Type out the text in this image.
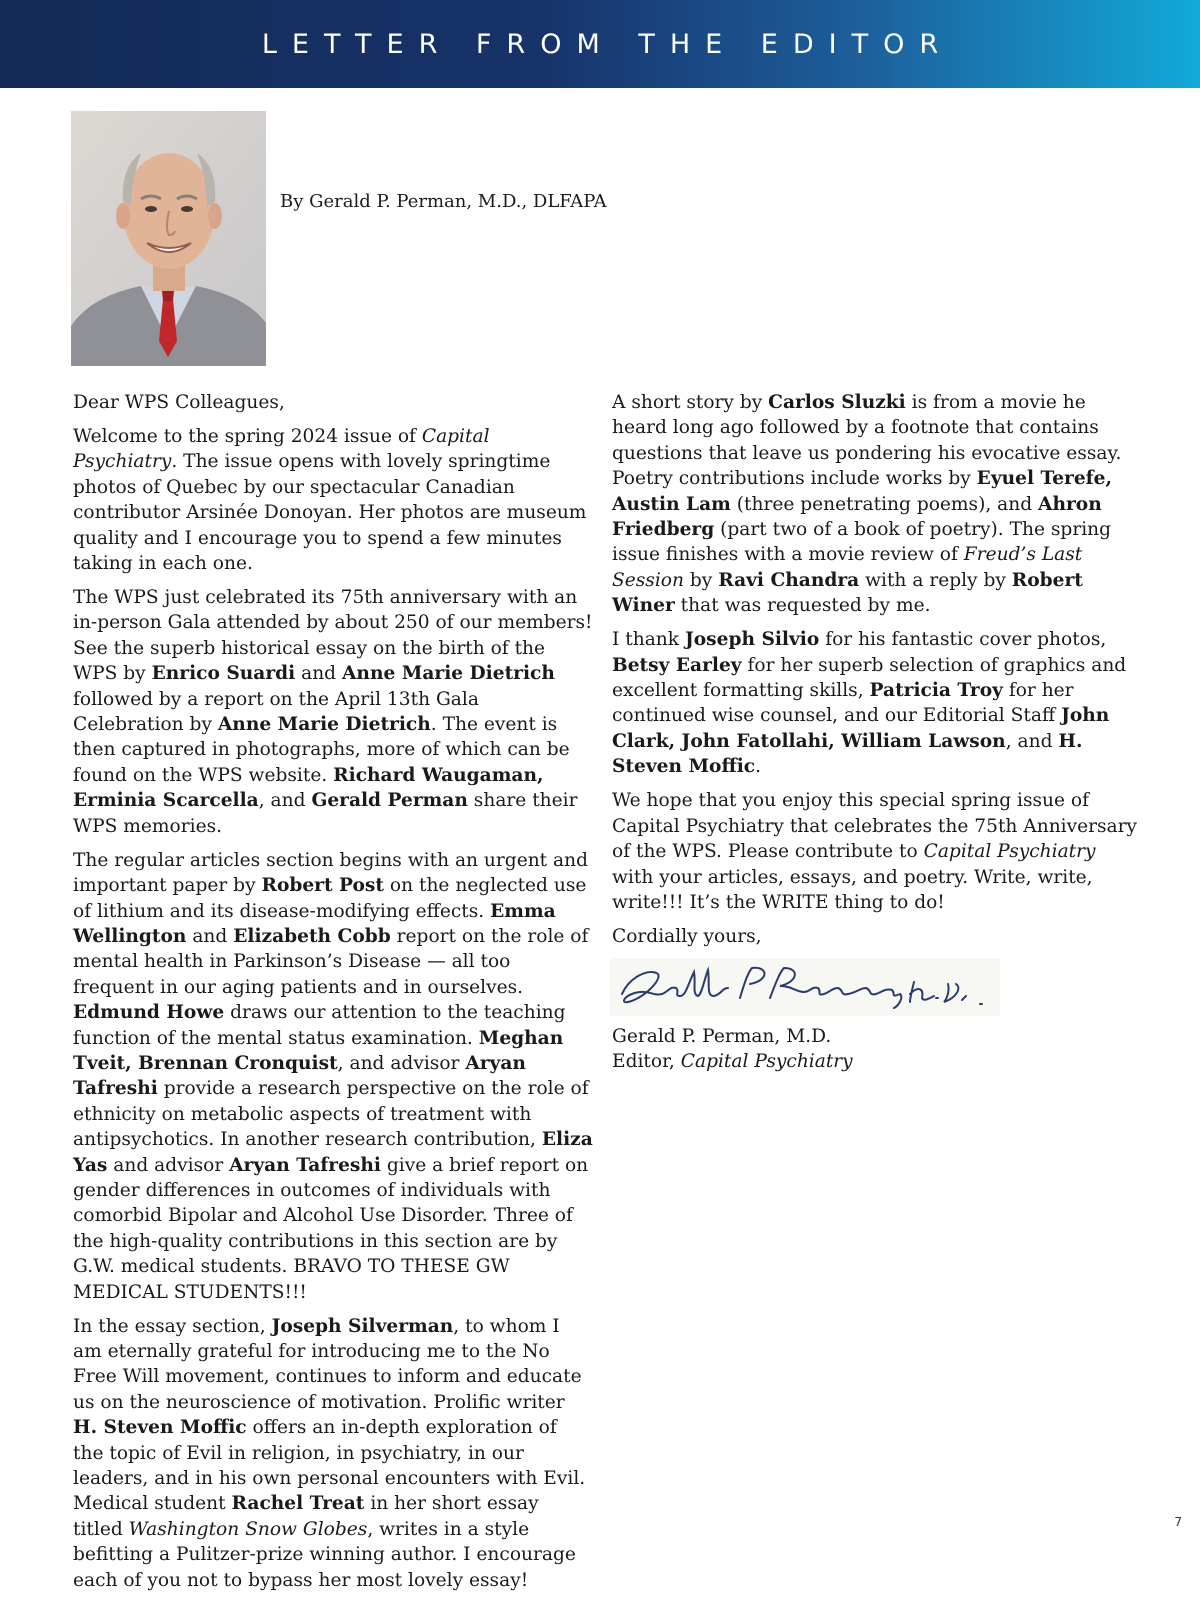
LETTER FROM THE EDITOR
By Gerald P. Perman, M.D., DLFAPA

Dear WPS Colleagues,

Welcome to the spring 2024 issue of Capital Psychiatry. The issue opens with lovely springtime photos of Quebec by our spectacular Canadian contributor Arsinée Donoyan. Her photos are museum quality and I encourage you to spend a few minutes taking in each one.

The WPS just celebrated its 75th anniversary with an in-person Gala attended by about 250 of our members! See the superb historical essay on the birth of the WPS by Enrico Suardi and Anne Marie Dietrich followed by a report on the April 13th Gala Celebration by Anne Marie Dietrich. The event is then captured in photographs, more of which can be found on the WPS website. Richard Waugaman, Erminia Scarcella, and Gerald Perman share their WPS memories.

The regular articles section begins with an urgent and important paper by Robert Post on the neglected use of lithium and its disease-modifying effects. Emma Wellington and Elizabeth Cobb report on the role of mental health in Parkinson’s Disease — all too frequent in our aging patients and in ourselves. Edmund Howe draws our attention to the teaching function of the mental status examination. Meghan Tveit, Brennan Cronquist, and advisor Aryan Tafreshi provide a research perspective on the role of ethnicity on metabolic aspects of treatment with antipsychotics. In another research contribution, Eliza Yas and advisor Aryan Tafreshi give a brief report on gender differences in outcomes of individuals with comorbid Bipolar and Alcohol Use Disorder. Three of the high-quality contributions in this section are by G.W. medical students. BRAVO TO THESE GW MEDICAL STUDENTS!!!

In the essay section, Joseph Silverman, to whom I am eternally grateful for introducing me to the No Free Will movement, continues to inform and educate us on the neuroscience of motivation. Prolific writer H. Steven Moffic offers an in-depth exploration of the topic of Evil in religion, in psychiatry, in our leaders, and in his own personal encounters with Evil. Medical student Rachel Treat in her short essay titled Washington Snow Globes, writes in a style befitting a Pulitzer-prize winning author. I encourage each of you not to bypass her most lovely essay!

A short story by Carlos Sluzki is from a movie he heard long ago followed by a footnote that contains questions that leave us pondering his evocative essay. Poetry contributions include works by Eyuel Terefe, Austin Lam (three penetrating poems), and Ahron Friedberg (part two of a book of poetry). The spring issue finishes with a movie review of Freud’s Last Session by Ravi Chandra with a reply by Robert Winer that was requested by me.

I thank Joseph Silvio for his fantastic cover photos, Betsy Earley for her superb selection of graphics and excellent formatting skills, Patricia Troy for her continued wise counsel, and our Editorial Staff John Clark, John Fatollahi, William Lawson, and H. Steven Moffic.

We hope that you enjoy this special spring issue of Capital Psychiatry that celebrates the 75th Anniversary of the WPS. Please contribute to Capital Psychiatry with your articles, essays, and poetry. Write, write, write!!! It’s the WRITE thing to do!

Cordially yours,

Gerald P. Perman, M.D.
Editor, Capital Psychiatry

7
